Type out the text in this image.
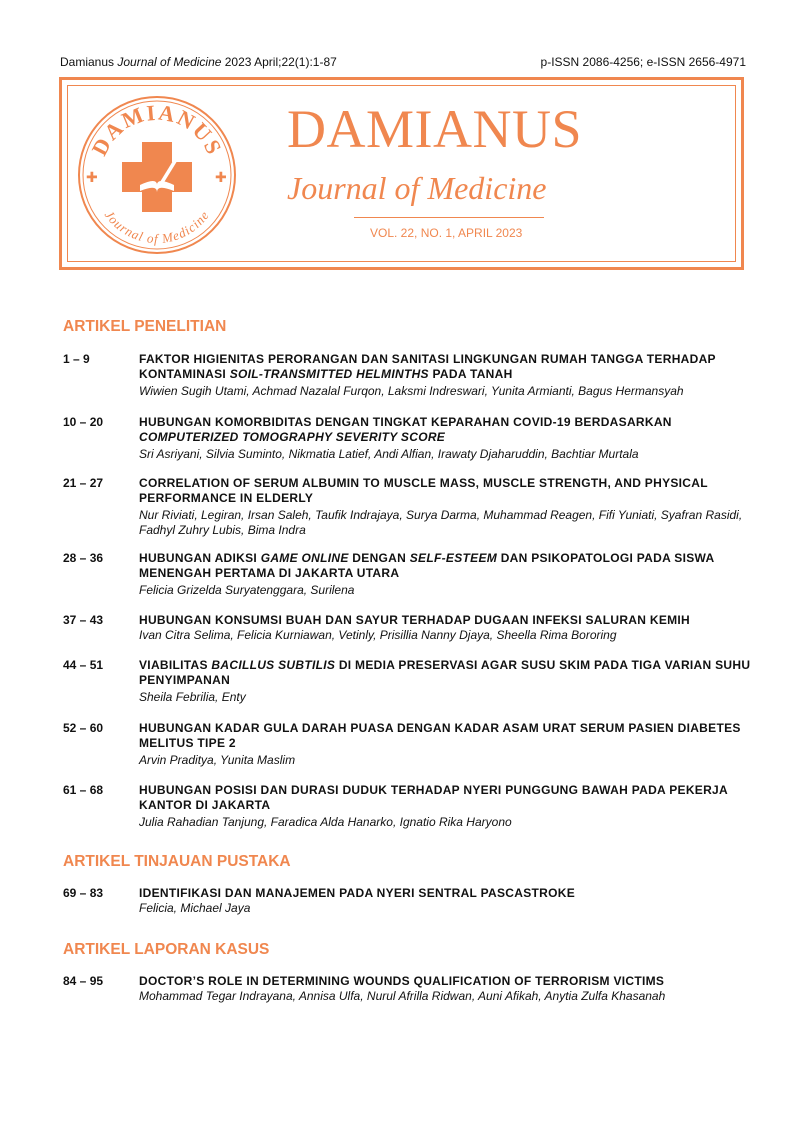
Damianus Journal of Medicine 2023 April;22(1):1-87	p-ISSN 2086-4256; e-ISSN 2656-4971
DAMIANUS
Journal of Medicine
✚	✚
DAMIANUS
Journal of Medicine
VOL. 22, NO. 1, APRIL 2023
ARTIKEL PENELITIAN
1 – 9	FAKTOR HIGIENITAS PERORANGAN DAN SANITASI LINGKUNGAN RUMAH TANGGA TERHADAP KONTAMINASI SOIL-TRANSMITTED HELMINTHS PADA TANAH
Wiwien Sugih Utami, Achmad Nazalal Furqon, Laksmi Indreswari, Yunita Armianti, Bagus Hermansyah
10 – 20	HUBUNGAN KOMORBIDITAS DENGAN TINGKAT KEPARAHAN COVID-19 BERDASARKAN COMPUTERIZED TOMOGRAPHY SEVERITY SCORE
Sri Asriyani, Silvia Suminto, Nikmatia Latief, Andi Alfian, Irawaty Djaharuddin, Bachtiar Murtala
21 – 27	CORRELATION OF SERUM ALBUMIN TO MUSCLE MASS, MUSCLE STRENGTH, AND PHYSICAL PERFORMANCE IN ELDERLY
Nur Riviati, Legiran, Irsan Saleh, Taufik Indrajaya, Surya Darma, Muhammad Reagen, Fifi Yuniati, Syafran Rasidi, Fadhyl Zuhry Lubis, Bima Indra
28 – 36	HUBUNGAN ADIKSI GAME ONLINE DENGAN SELF-ESTEEM DAN PSIKOPATOLOGI PADA SISWA MENENGAH PERTAMA DI JAKARTA UTARA
Felicia Grizelda Suryatenggara, Surilena
37 – 43	HUBUNGAN KONSUMSI BUAH DAN SAYUR TERHADAP DUGAAN INFEKSI SALURAN KEMIH
Ivan Citra Selima, Felicia Kurniawan, Vetinly, Prisillia Nanny Djaya, Sheella Rima Bororing
44 – 51	VIABILITAS BACILLUS SUBTILIS DI MEDIA PRESERVASI AGAR SUSU SKIM PADA TIGA VARIAN SUHU PENYIMPANAN
Sheila Febrilia, Enty
52 – 60	HUBUNGAN KADAR GULA DARAH PUASA DENGAN KADAR ASAM URAT SERUM PASIEN DIABETES MELITUS TIPE 2
Arvin Praditya, Yunita Maslim
61 – 68	HUBUNGAN POSISI DAN DURASI DUDUK TERHADAP NYERI PUNGGUNG BAWAH PADA PEKERJA KANTOR DI JAKARTA
Julia Rahadian Tanjung, Faradica Alda Hanarko, Ignatio Rika Haryono
ARTIKEL TINJAUAN PUSTAKA
69 – 83	IDENTIFIKASI DAN MANAJEMEN PADA NYERI SENTRAL PASCASTROKE
Felicia, Michael Jaya
ARTIKEL LAPORAN KASUS
84 – 95	DOCTOR’S ROLE IN DETERMINING WOUNDS QUALIFICATION OF TERRORISM VICTIMS
Mohammad Tegar Indrayana, Annisa Ulfa, Nurul Afrilla Ridwan, Auni Afikah, Anytia Zulfa Khasanah
